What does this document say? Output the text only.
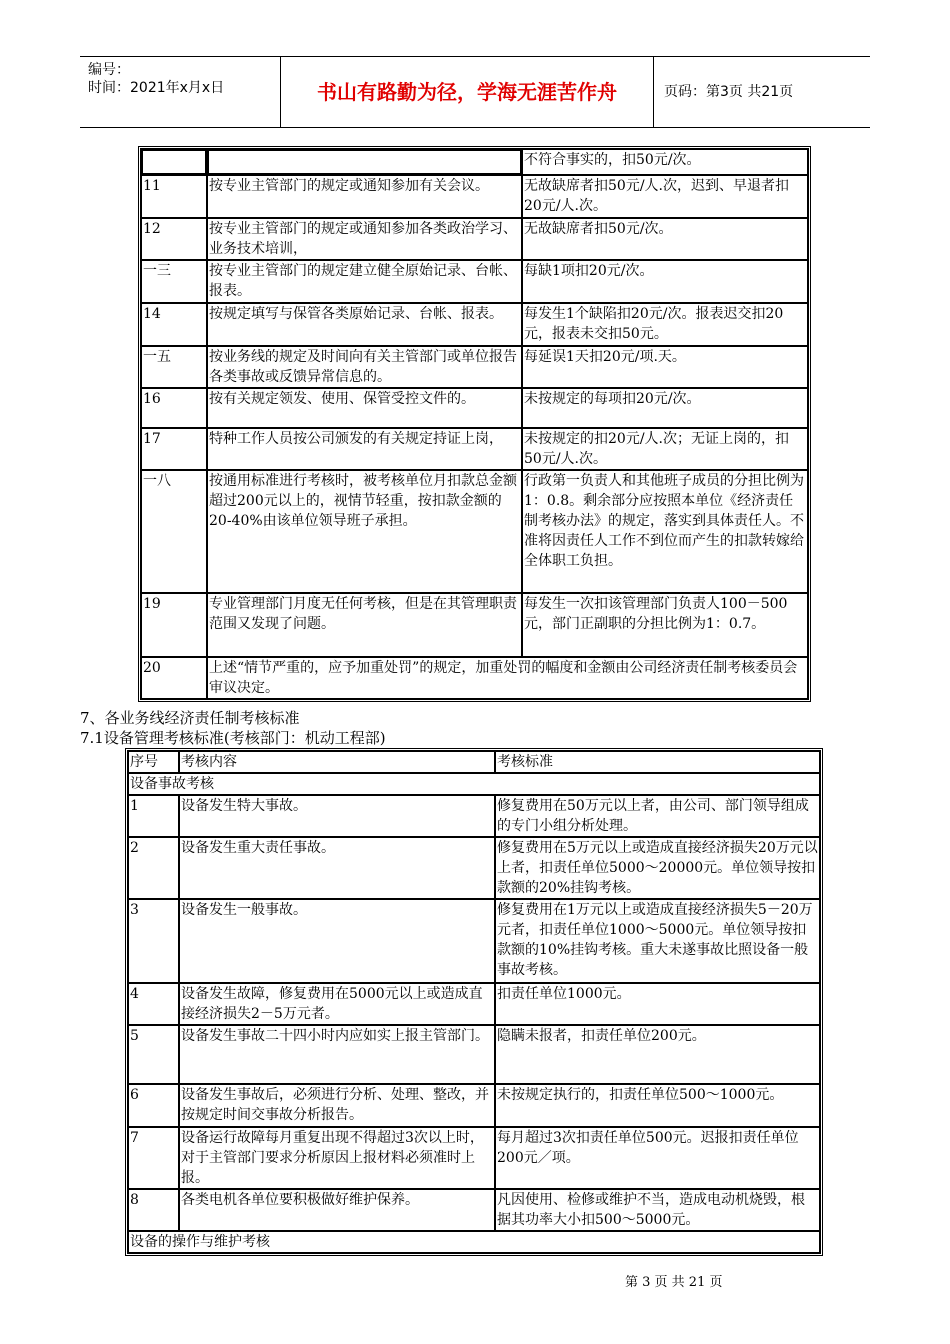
编号：
时间：2021年x月x日	书山有路勤为径，学海无涯苦作舟	页码：第3页 共21页
		不符合事实的，扣50元/次。
11	按专业主管部门的规定或通知参加有关会议。	无故缺席者扣50元/人.次，迟到、早退者扣20元/人.次。
12	按专业主管部门的规定或通知参加各类政治学习、业务技术培训，	无故缺席者扣50元/次。
一三	按专业主管部门的规定建立健全原始记录、台帐、报表。	每缺1项扣20元/次。
14	按规定填写与保管各类原始记录、台帐、报表。	每发生1个缺陷扣20元/次。报表迟交扣20元，报表未交扣50元。
一五	按业务线的规定及时间向有关主管部门或单位报告各类事故或反馈异常信息的。	每延误1天扣20元/项.天。
16	按有关规定领发、使用、保管受控文件的。	未按规定的每项扣20元/次。
17	特种工作人员按公司颁发的有关规定持证上岗，	未按规定的扣20元/人.次；无证上岗的，扣50元/人.次。
一八	按通用标准进行考核时，被考核单位月扣款总金额超过200元以上的，视情节轻重，按扣款金额的20-40%由该单位领导班子承担。	行政第一负责人和其他班子成员的分担比例为1：0.8。剩余部分应按照本单位《经济责任制考核办法》的规定，落实到具体责任人。不准将因责任人工作不到位而产生的扣款转嫁给全体职工负担。
19	专业管理部门月度无任何考核，但是在其管理职责范围又发现了问题。	每发生一次扣该管理部门负责人100－500元，部门正副职的分担比例为1：0.7。
20	上述“情节严重的，应予加重处罚”的规定，加重处罚的幅度和金额由公司经济责任制考核委员会审议决定。	
7、各业务线经济责任制考核标准
7.1设备管理考核标准(考核部门：机动工程部)
序号	考核内容	考核标准
设备事故考核		
1	设备发生特大事故。	修复费用在50万元以上者，由公司、部门领导组成的专门小组分析处理。
2	设备发生重大责任事故。	修复费用在5万元以上或造成直接经济损失20万元以上者，扣责任单位5000～20000元。单位领导按扣款额的20%挂钩考核。
3	设备发生一般事故。	修复费用在1万元以上或造成直接经济损失5－20万元者，扣责任单位1000～5000元。单位领导按扣款额的10%挂钩考核。重大未遂事故比照设备一般事故考核。
4	设备发生故障，修复费用在5000元以上或造成直接经济损失2－5万元者。	扣责任单位1000元。
5	设备发生事故二十四小时内应如实上报主管部门。	隐瞒未报者，扣责任单位200元。
6	设备发生事故后，必须进行分析、处理、整改，并按规定时间交事故分析报告。	未按规定执行的，扣责任单位500～1000元。
7	设备运行故障每月重复出现不得超过3次以上时，对于主管部门要求分析原因上报材料必须准时上报。	每月超过3次扣责任单位500元。迟报扣责任单位200元／项。
8	各类电机各单位要积极做好维护保养。	凡因使用、检修或维护不当，造成电动机烧毁，根据其功率大小扣500～5000元。
设备的操作与维护考核		
第 3 页 共 21 页
